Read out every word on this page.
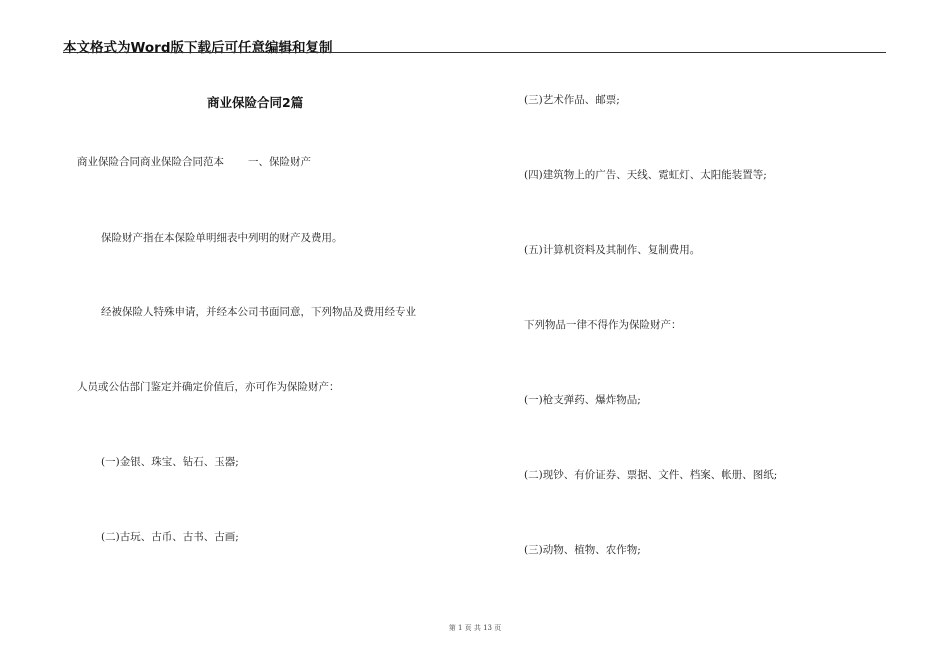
本文格式为Word版下载后可任意编辑和复制
商业保险合同2篇
商业保险合同商业保险合同范本 一、保险财产
保险财产指在本保险单明细表中列明的财产及费用。
经被保险人特殊申请，并经本公司书面同意，下列物品及费用经专业
人员或公估部门鉴定并确定价值后，亦可作为保险财产：
(一)金银、珠宝、钻石、玉器;
(二)古玩、古币、古书、古画;
(三)艺术作品、邮票;
(四)建筑物上的广告、天线、霓虹灯、太阳能装置等;
(五)计算机资料及其制作、复制费用。
下列物品一律不得作为保险财产：
(一)枪支弹药、爆炸物品;
(二)现钞、有价证券、票据、文件、档案、帐册、图纸;
(三)动物、植物、农作物;
第 1 页 共 13 页
